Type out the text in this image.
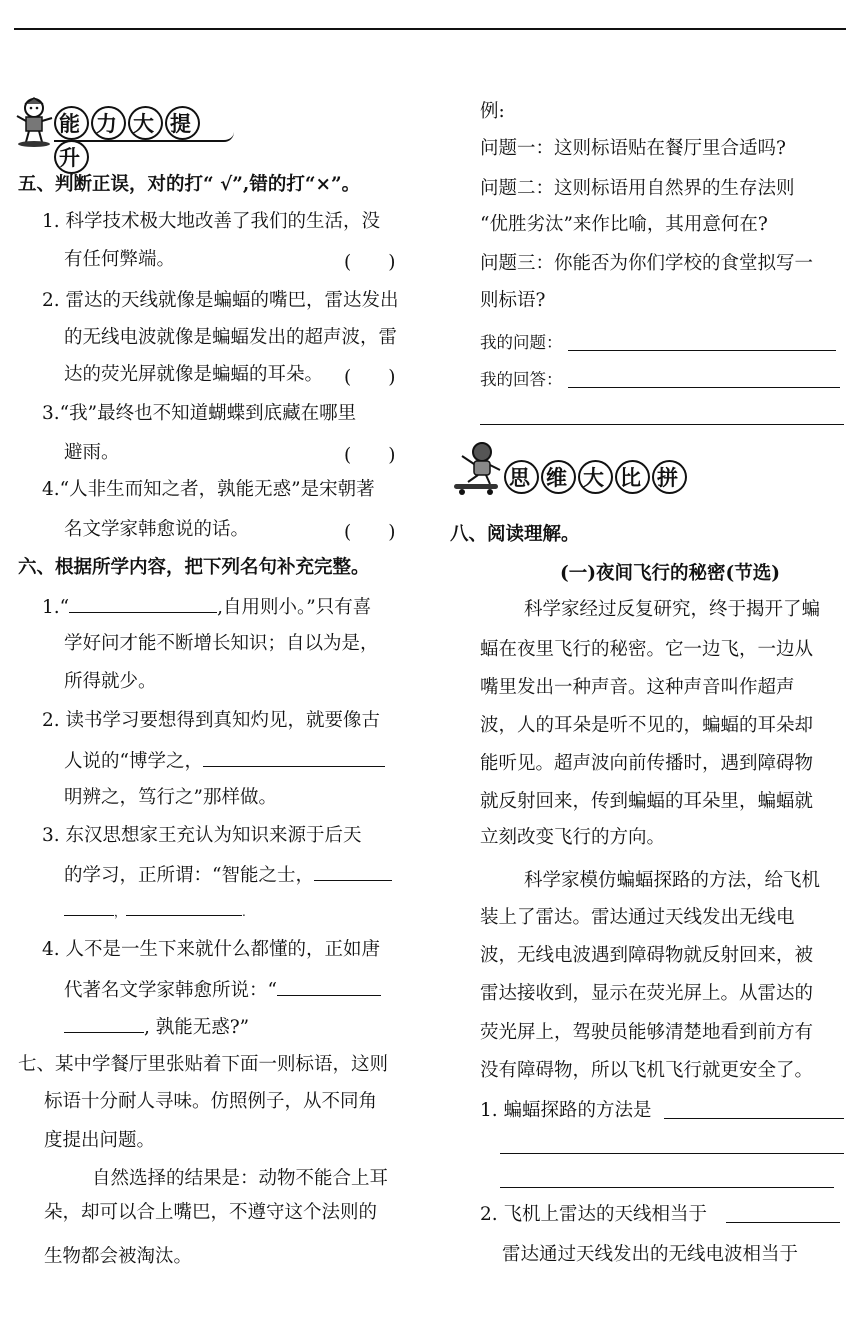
能 力 大 提升
五、判断正误，对的打“ √”,错的打“×”。
1. 科学技术极大地改善了我们的生活，没
有任何弊端。	(　　)
2. 雷达的天线就像是蝙蝠的嘴巴，雷达发出
的无线电波就像是蝙蝠发出的超声波，雷
达的荧光屏就像是蝙蝠的耳朵。 (　　)
3.“我”最终也不知道蝴蝶到底藏在哪里
避雨。	(　　)
4.“人非生而知之者，孰能无惑”是宋朝著
名文学家韩愈说的话。	(　　)
六、根据所学内容，把下列名句补充完整。
1.“	,自用则小。”只有喜
学好问才能不断增长知识；自以为是，
所得就少。
2. 读书学习要想得到真知灼见，就要像古
人说的“博学之，
明辨之，笃行之”那样做。
3. 东汉思想家王充认为知识来源于后天
的学习，正所谓：“智能之士，
，	.
4. 人不是一生下来就什么都懂的，正如唐
代著名文学家韩愈所说：“
, 孰能无惑?”
七、某中学餐厅里张贴着下面一则标语，这则
标语十分耐人寻味。仿照例子，从不同角
度提出问题。
自然选择的结果是：动物不能合上耳
朵，却可以合上嘴巴，不遵守这个法则的
生物都会被淘汰。
例:
问题一：这则标语贴在餐厅里合适吗?
问题二：这则标语用自然界的生存法则
“优胜劣汰”来作比喻，其用意何在?
问题三：你能否为你们学校的食堂拟写一
则标语?
我的问题：
我的回答：
思 维 大 比 拼
八、阅读理解。
(一)夜间飞行的秘密(节选)
科学家经过反复研究，终于揭开了蝙
蝠在夜里飞行的秘密。它一边飞，一边从
嘴里发出一种声音。这种声音叫作超声
波，人的耳朵是听不见的，蝙蝠的耳朵却
能听见。超声波向前传播时，遇到障碍物
就反射回来，传到蝙蝠的耳朵里，蝙蝠就
立刻改变飞行的方向。
科学家模仿蝙蝠探路的方法，给飞机
装上了雷达。雷达通过天线发出无线电
波，无线电波遇到障碍物就反射回来，被
雷达接收到，显示在荧光屏上。从雷达的
荧光屏上，驾驶员能够清楚地看到前方有
没有障碍物，所以飞机飞行就更安全了。
1. 蝙蝠探路的方法是
2. 飞机上雷达的天线相当于
雷达通过天线发出的无线电波相当于
